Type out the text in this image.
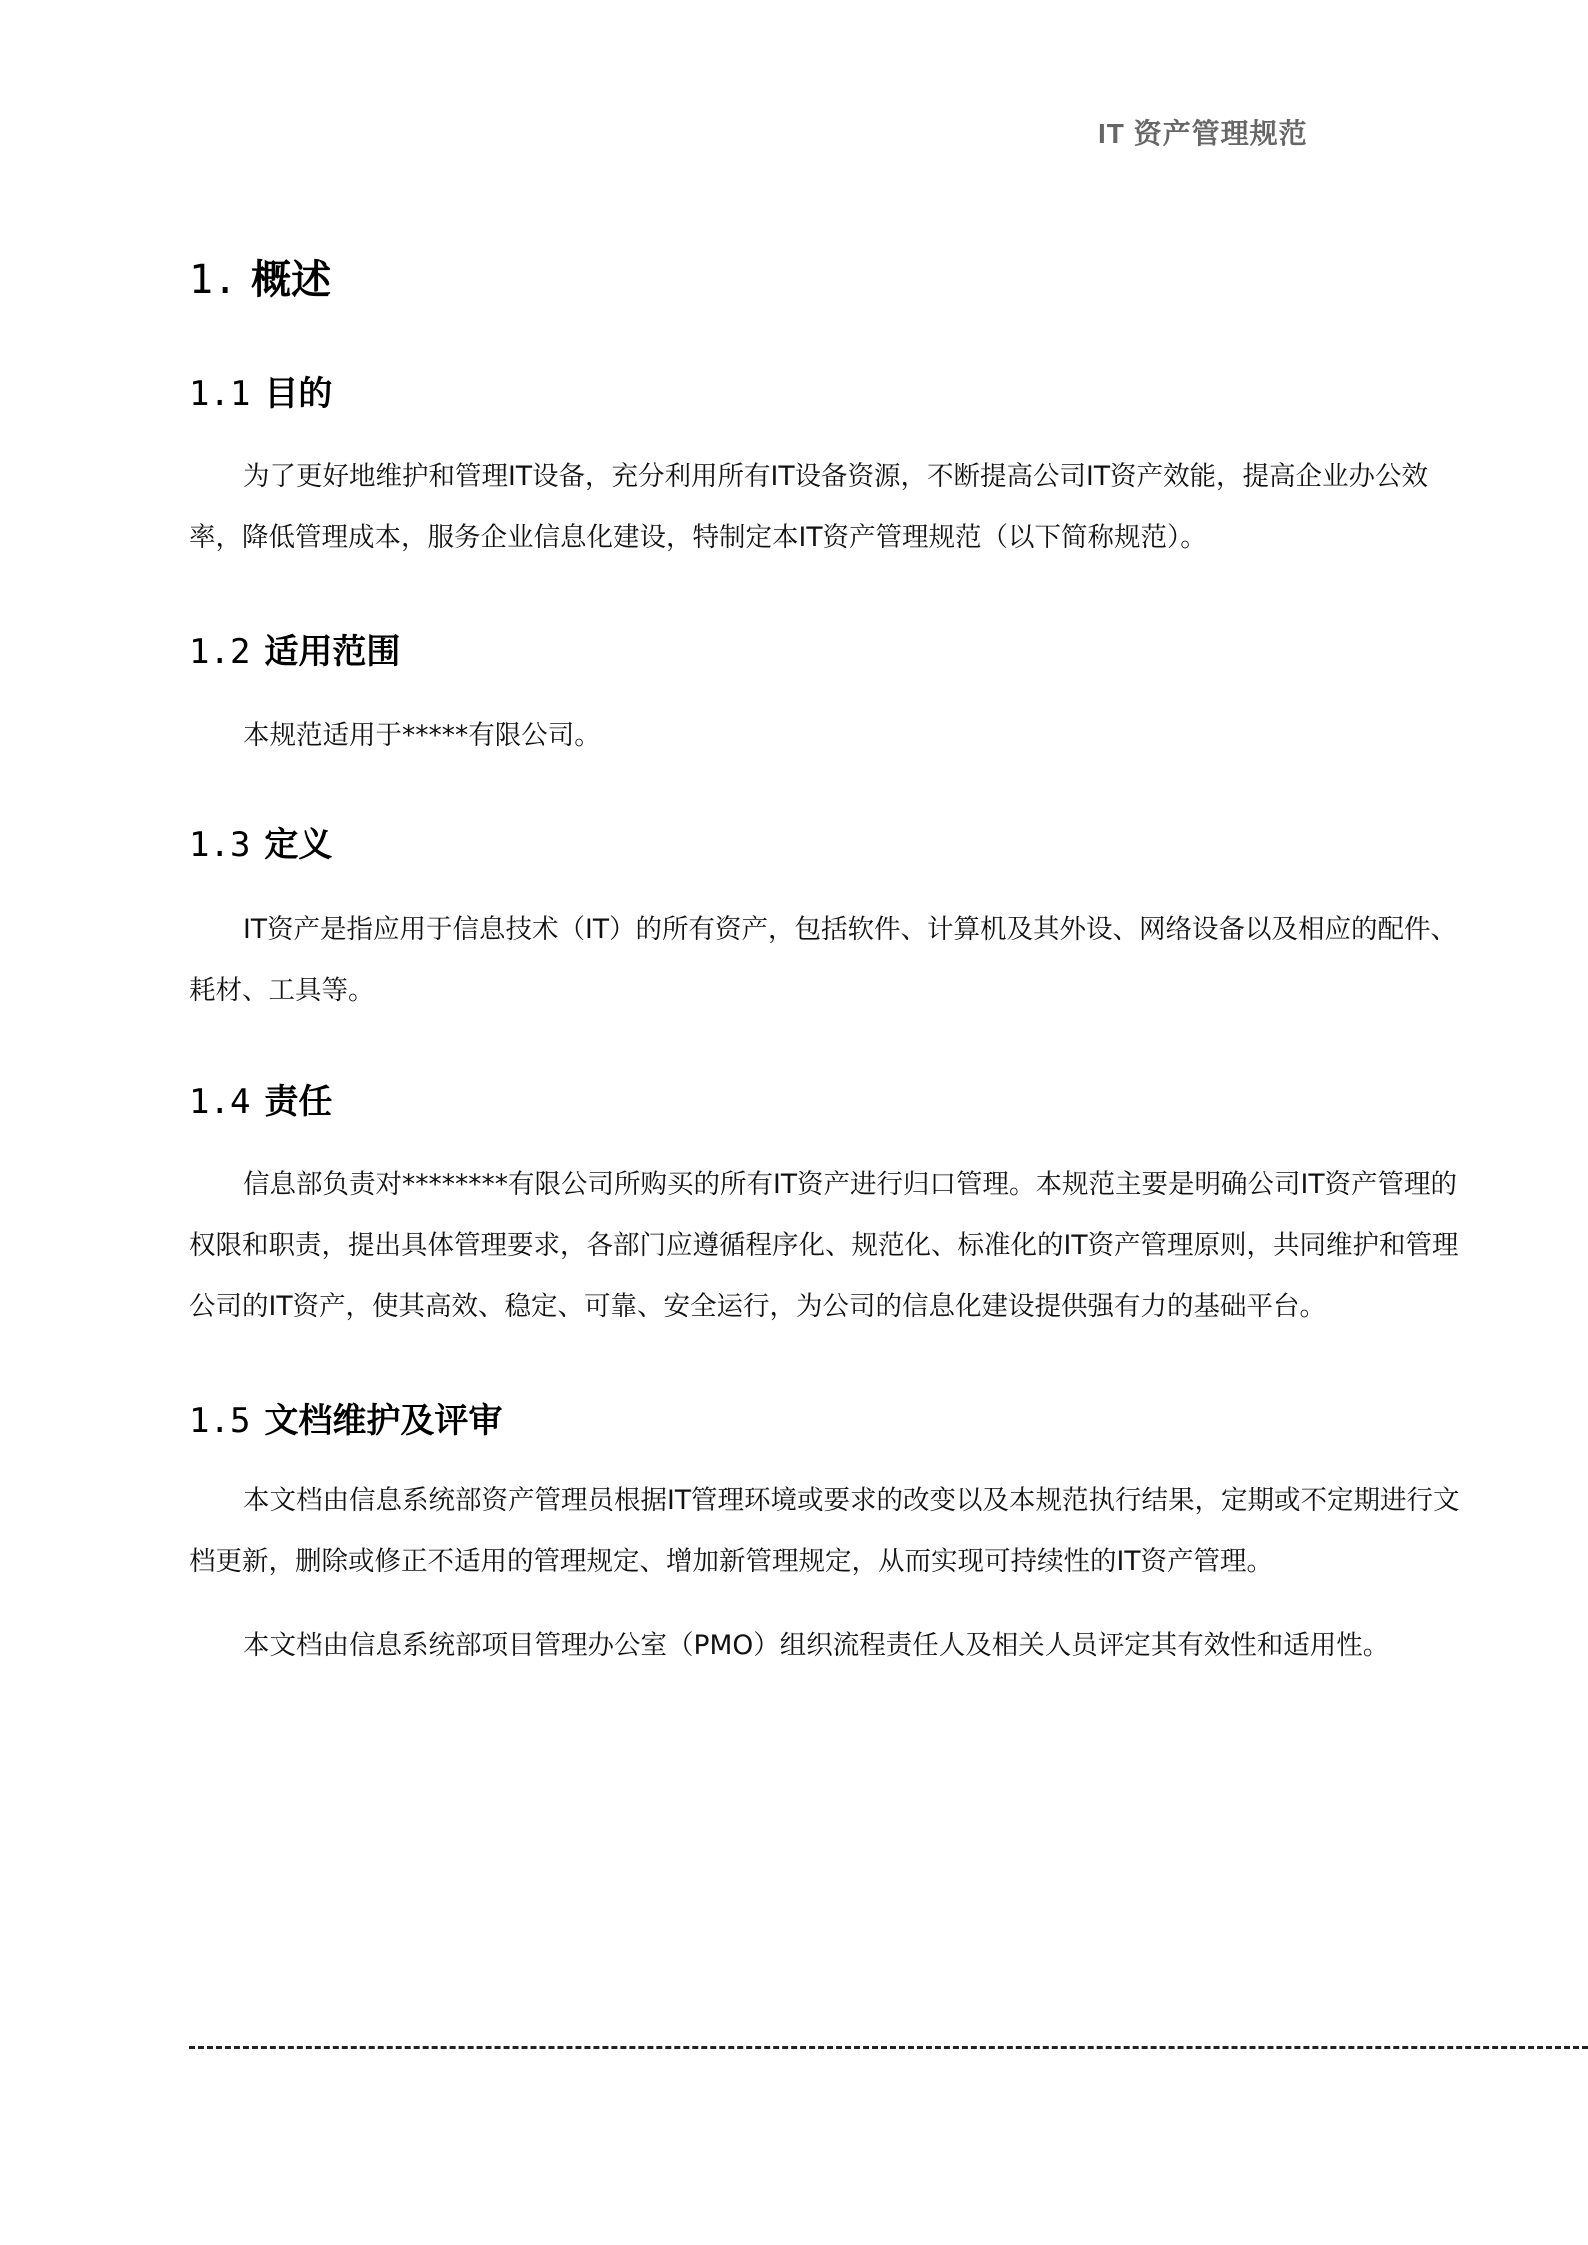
IT 资产管理规范
1. 概述
1.1 目的
为了更好地维护和管理IT设备，充分利用所有IT设备资源，不断提高公司IT资产效能，提高企业办公效率，降低管理成本，服务企业信息化建设，特制定本IT资产管理规范（以下简称规范）。
1.2 适用范围
本规范适用于*****有限公司。
1.3 定义
IT资产是指应用于信息技术（IT）的所有资产，包括软件、计算机及其外设、网络设备以及相应的配件、耗材、工具等。
1.4 责任
信息部负责对********有限公司所购买的所有IT资产进行归口管理。本规范主要是明确公司IT资产管理的权限和职责，提出具体管理要求，各部门应遵循程序化、规范化、标准化的IT资产管理原则，共同维护和管理公司的IT资产，使其高效、稳定、可靠、安全运行，为公司的信息化建设提供强有力的基础平台。
1.5 文档维护及评审
本文档由信息系统部资产管理员根据IT管理环境或要求的改变以及本规范执行结果，定期或不定期进行文档更新，删除或修正不适用的管理规定、增加新管理规定，从而实现可持续性的IT资产管理。
本文档由信息系统部项目管理办公室（PMO）组织流程责任人及相关人员评定其有效性和适用性。
